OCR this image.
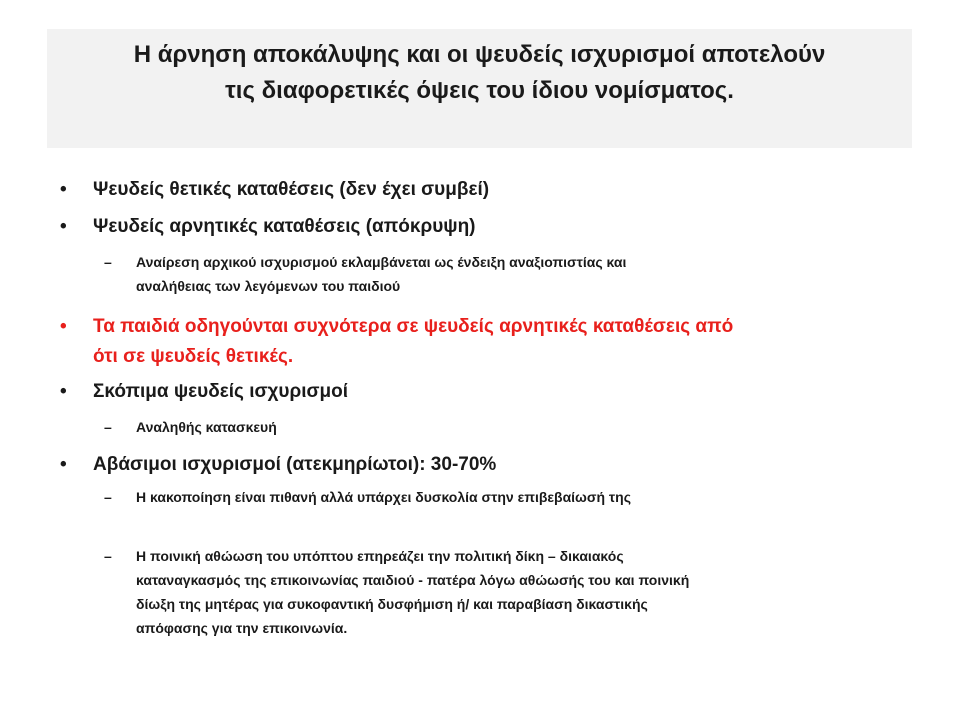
Η άρνηση αποκάλυψης και οι ψευδείς ισχυρισμοί αποτελούν
τις διαφορετικές όψεις του ίδιου νομίσματος.
• Ψευδείς θετικές καταθέσεις (δεν έχει συμβεί)
• Ψευδείς αρνητικές καταθέσεις (απόκρυψη)
– Αναίρεση αρχικού ισχυρισμού εκλαμβάνεται ως ένδειξη αναξιοπιστίας και
αναλήθειας των λεγόμενων του παιδιού
• Τα παιδιά οδηγούνται συχνότερα σε ψευδείς αρνητικές καταθέσεις από
ότι σε ψευδείς θετικές.
• Σκόπιμα ψευδείς ισχυρισμοί
– Αναληθής κατασκευή
• Αβάσιμοι ισχυρισμοί (ατεκμηρίωτοι): 30-70%
– Η κακοποίηση είναι πιθανή αλλά υπάρχει δυσκολία στην επιβεβαίωσή της
– Η ποινική αθώωση του υπόπτου επηρεάζει την πολιτική δίκη – δικαιακός
καταναγκασμός της επικοινωνίας παιδιού - πατέρα λόγω αθώωσής του και ποινική
δίωξη της μητέρας για συκοφαντική δυσφήμιση ή/ και παραβίαση δικαστικής
απόφασης για την επικοινωνία.
